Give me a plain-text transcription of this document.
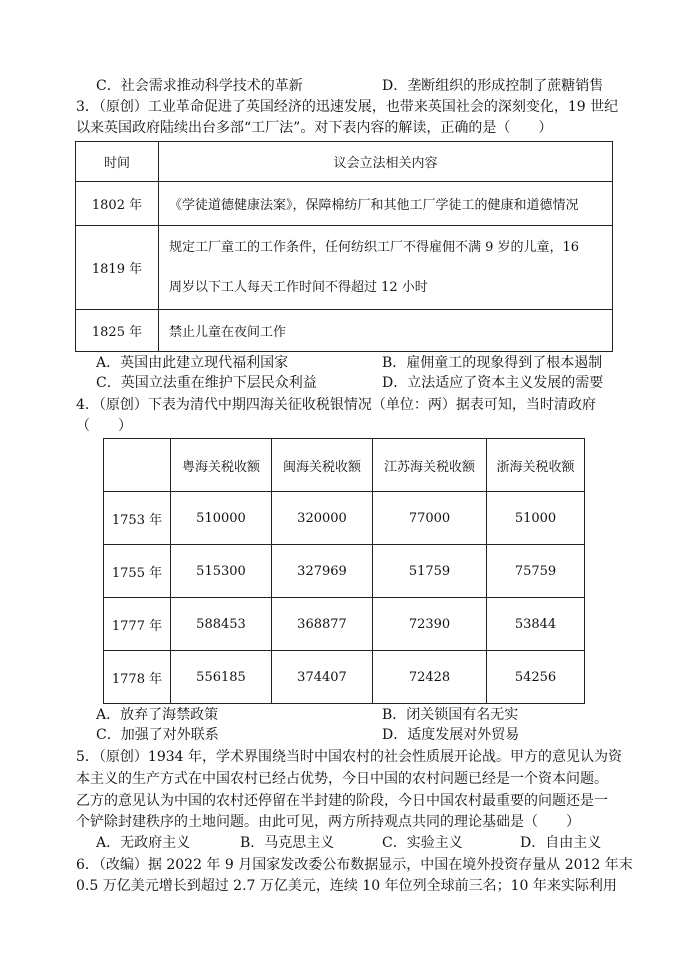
C．社会需求推动科学技术的革新	D．垄断组织的形成控制了蔗糖销售
3．（原创）工业革命促进了英国经济的迅速发展，也带来英国社会的深刻变化，19 世纪
以来英国政府陆续出台多部“工厂法”。对下表内容的解读，正确的是（　　）
时间	议会立法相关内容
1802 年	《学徒道德健康法案》，保障棉纺厂和其他工厂学徒工的健康和道德情况
1819 年	规定工厂童工的工作条件，任何纺织工厂不得雇佣不满 9 岁的儿童，16
周岁以下工人每天工作时间不得超过 12 小时

1825 年	禁止儿童在夜间工作
A．英国由此建立现代福利国家	B．雇佣童工的现象得到了根本遏制
C．英国立法重在维护下层民众利益	D．立法适应了资本主义发展的需要
4．（原创）下表为清代中期四海关征收税银情况（单位：两）据表可知，当时清政府
（　　）
	粤海关税收额	闽海关税收额	江苏海关税收额	浙海关税收额
1753 年	510000	320000	77000	51000
1755 年	515300	327969	51759	75759
1777 年	588453	368877	72390	53844
1778 年	556185	374407	72428	54256
A．放弃了海禁政策	B．闭关锁国有名无实
C．加强了对外联系	D．适度发展对外贸易
5．（原创）1934 年，学术界围绕当时中国农村的社会性质展开论战。甲方的意见认为资
本主义的生产方式在中国农村已经占优势，今日中国的农村问题已经是一个资本问题。
乙方的意见认为中国的农村还停留在半封建的阶段，今日中国农村最重要的问题还是一
个铲除封建秩序的土地问题。由此可见，两方所持观点共同的理论基础是（　　）
A．无政府主义	B．马克思主义	C．实验主义	D．自由主义
6．（改编）据 2022 年 9 月国家发改委公布数据显示，中国在境外投资存量从 2012 年末
0.5 万亿美元增长到超过 2.7 万亿美元，连续 10 年位列全球前三名；10 年来实际利用
